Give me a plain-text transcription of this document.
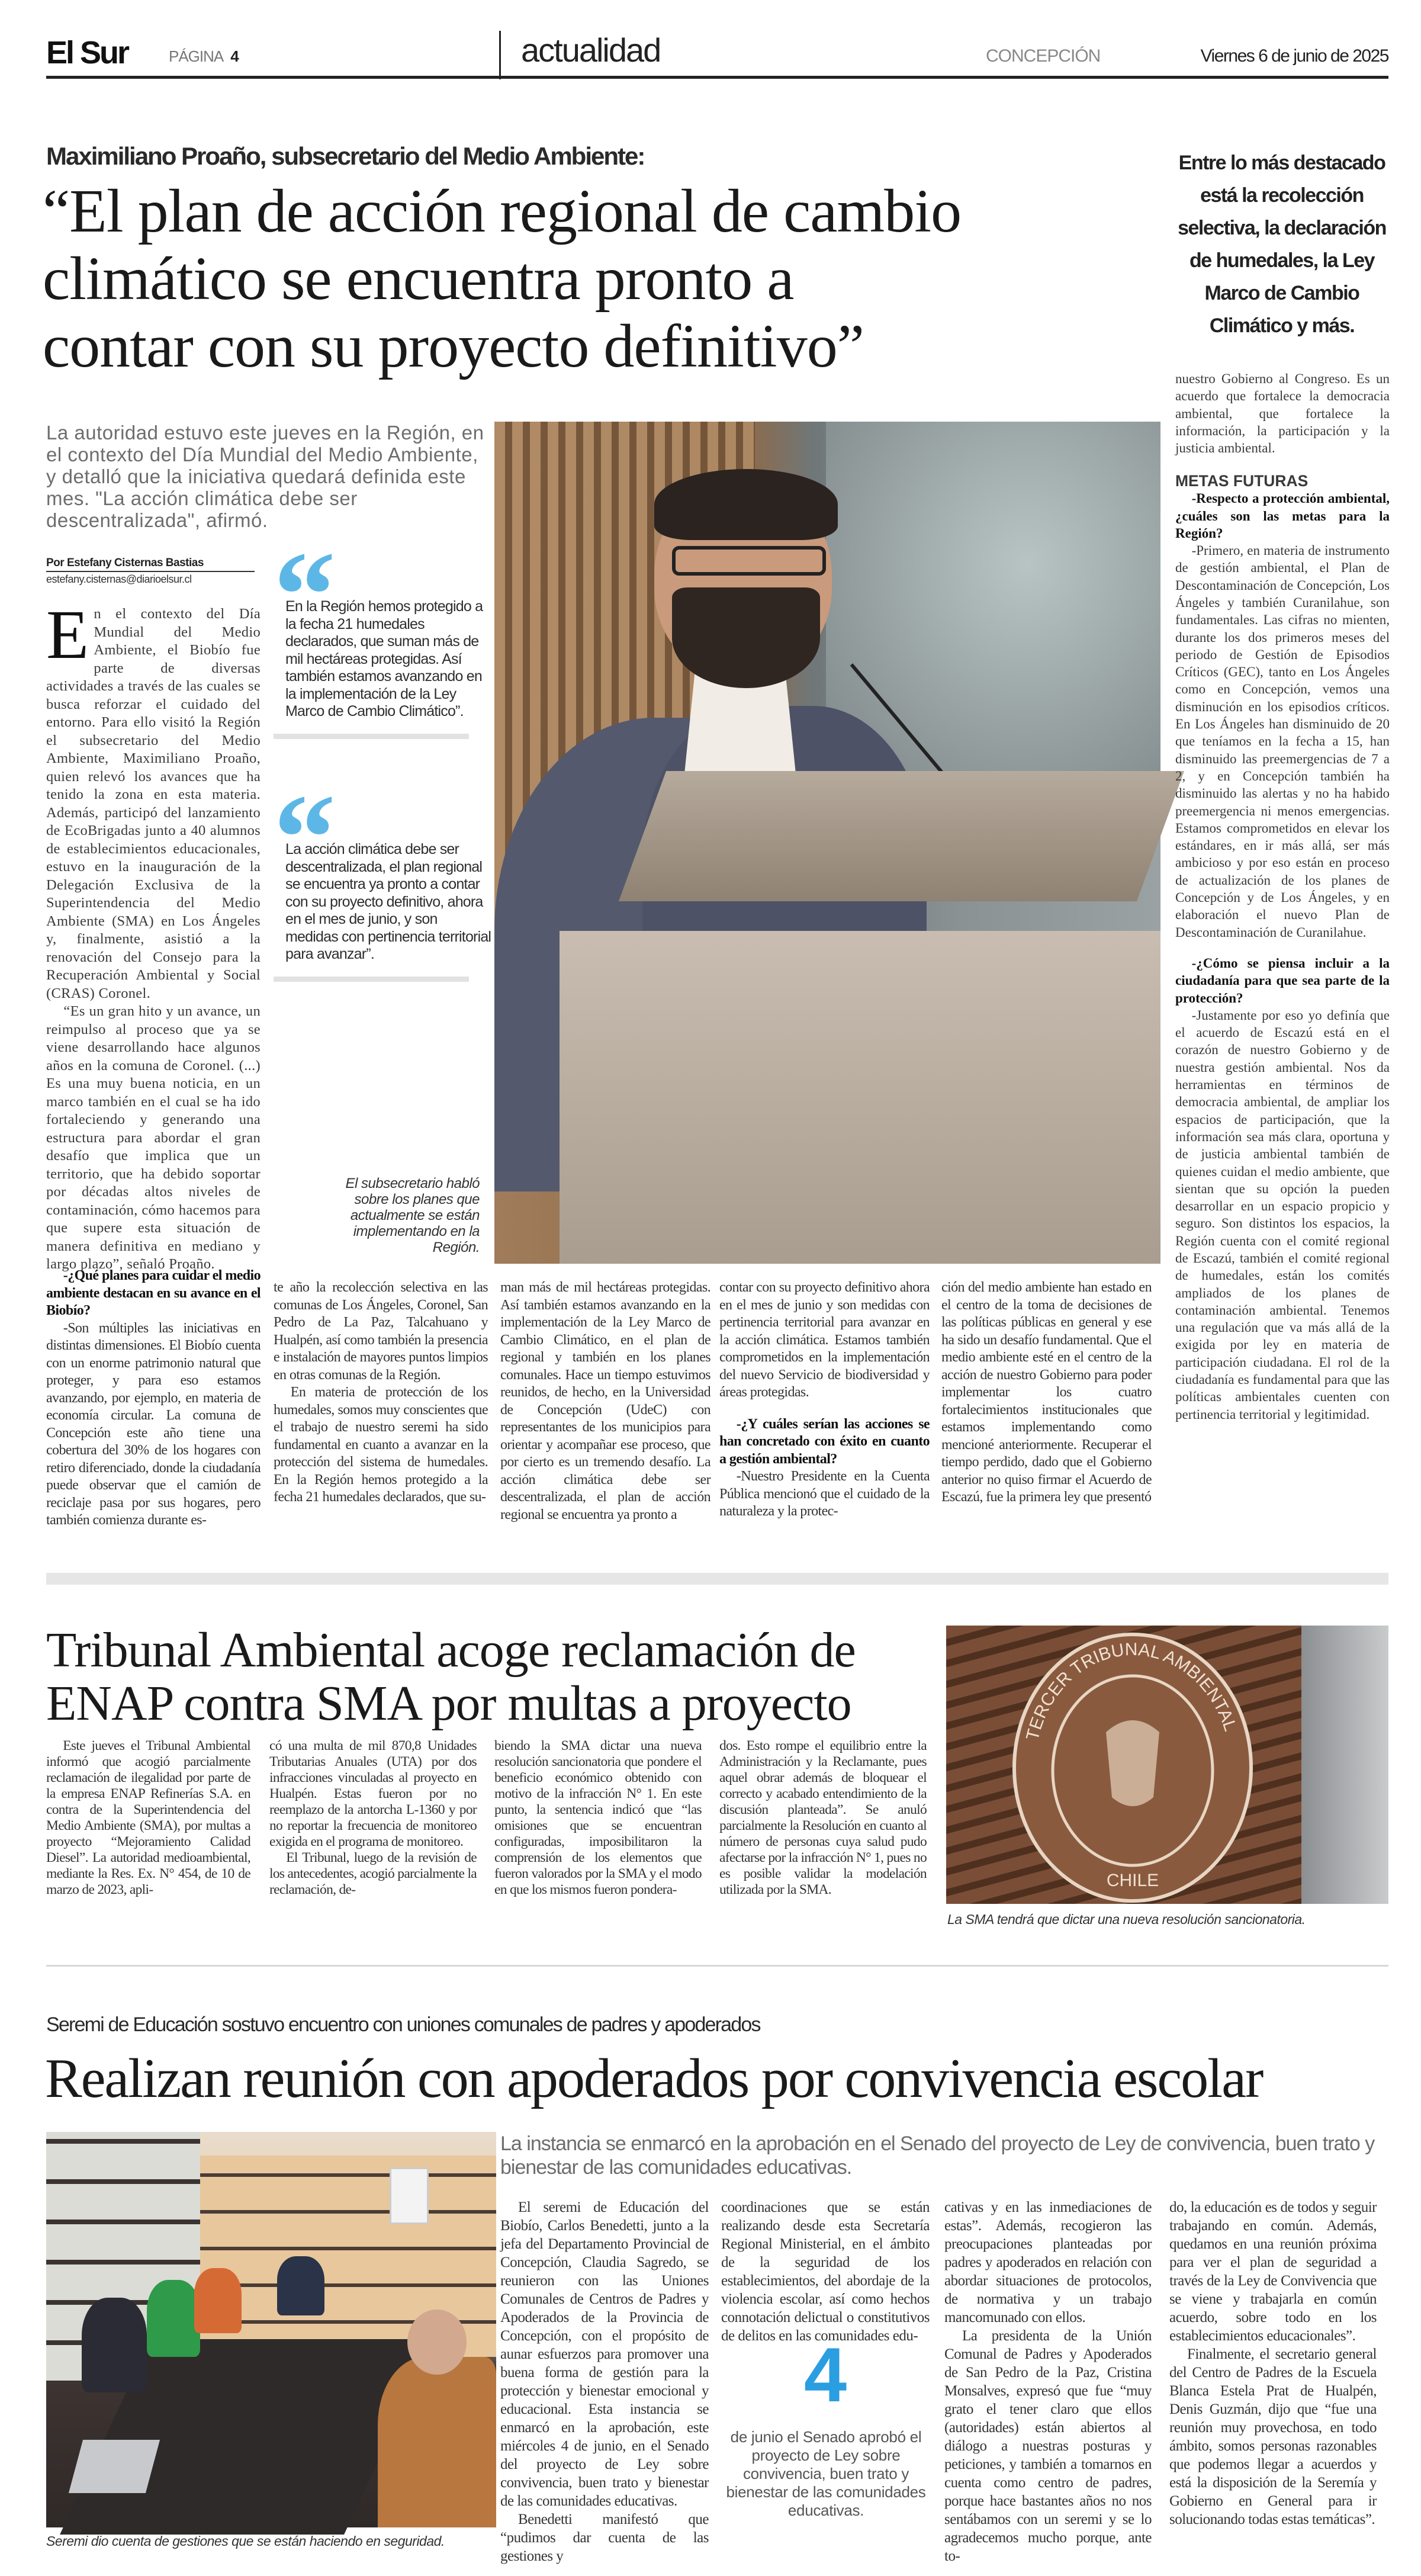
El Sur	PÁGINA 4	actualidad	CONCEPCIÓN	Viernes 6 de junio de 2025
Maximiliano Proaño, subsecretario del Medio Ambiente:
“El plan de acción regional de cambio
climático se encuentra pronto a
contar con su proyecto definitivo”
Entre lo más destacado está la recolección selectiva, la declaración de humedales, la Ley Marco de Cambio Climático y más.
La autoridad estuvo este jueves en la Región, en el contexto del Día Mundial del Medio Ambiente, y detalló que la iniciativa quedará definida este mes. "La acción climática debe ser descentralizada", afirmó.
Por Estefany Cisternas Bastias
estefany.cisternas@diarioelsur.cl
E n el contexto del Día Mundial del Medio Ambiente, el Biobío fue parte de diversas actividades a través de las cuales se busca reforzar el cuidado del entorno. Para ello visitó la Región el subsecretario del Medio Ambiente, Maximiliano Proaño, quien relevó los avances que ha tenido la zona en esta materia. Además, participó del lanzamiento de EcoBrigadas junto a 40 alumnos de establecimientos educacionales, estuvo en la inauguración de la Delegación Exclusiva de la Superintendencia del Medio Ambiente (SMA) en Los Ángeles y, finalmente, asistió a la renovación del Consejo para la Recuperación Ambiental y Social (CRAS) Coronel.

“Es un gran hito y un avance, un reimpulso al proceso que ya se viene desarrollando hace algunos años en la comuna de Coronel. (...) Es una muy buena noticia, en un marco también en el cual se ha ido fortaleciendo y generando una estructura para abordar el gran desafío que implica que un territorio, que ha debido soportar por décadas altos niveles de contaminación, cómo hacemos para que supere esta situación de manera definitiva en mediano y largo plazo”, señaló Proaño.

“
En la Región hemos protegido a la fecha 21 humedales declarados, que suman más de mil hectáreas protegidas. Así también estamos avanzando en la implementación de la Ley Marco de Cambio Climático”.
“
La acción climática debe ser descentralizada, el plan regional se encuentra ya pronto a contar con su proyecto definitivo, ahora en el mes de junio, y son medidas con pertinencia territorial para avanzar”.
El subsecretario habló sobre los planes que actualmente se están implementando en la Región.

nuestro Gobierno al Congreso. Es un acuerdo que fortalece la democracia ambiental, que fortalece la información, la participación y la justicia ambiental.

METAS FUTURAS

-Respecto a protección ambiental, ¿cuáles son las metas para la Región?

-Primero, en materia de instrumento de gestión ambiental, el Plan de Descontaminación de Concepción, Los Ángeles y también Curanilahue, son fundamentales. Las cifras no mienten, durante los dos primeros meses del periodo de Gestión de Episodios Críticos (GEC), tanto en Los Ángeles como en Concepción, vemos una disminución en los episodios críticos. En Los Ángeles han disminuido de 20 que teníamos en la fecha a 15, han disminuido las preemergencias de 7 a 2, y en Concepción también ha disminuido las alertas y no ha habido preemergencia ni menos emergencias. Estamos comprometidos en elevar los estándares, en ir más allá, ser más ambicioso y por eso están en proceso de actualización de los planes de Concepción y de Los Ángeles, y en elaboración el nuevo Plan de Descontaminación de Curanilahue.

-¿Cómo se piensa incluir a la ciudadanía para que sea parte de la protección?

-Justamente por eso yo definía que el acuerdo de Escazú está en el corazón de nuestro Gobierno y de nuestra gestión ambiental. Nos da herramientas en términos de democracia ambiental, de ampliar los espacios de participación, que la información sea más clara, oportuna y de justicia ambiental también de quienes cuidan el medio ambiente, que sientan que su opción la pueden desarrollar en un espacio propicio y seguro. Son distintos los espacios, la Región cuenta con el comité regional de Escazú, también el comité regional de humedales, están los comités ampliados de los planes de contaminación ambiental. Tenemos una regulación que va más allá de la exigida por ley en materia de participación ciudadana. El rol de la ciudadanía es fundamental para que las políticas ambientales cuenten con pertinencia territorial y legitimidad.

-¿Qué planes para cuidar el medio ambiente destacan en su avance en el Biobío?

-Son múltiples las iniciativas en distintas dimensiones. El Biobío cuenta con un enorme patrimonio natural que proteger, y para eso estamos avanzando, por ejemplo, en materia de economía circular. La comuna de Concepción este año tiene una cobertura del 30% de los hogares con retiro diferenciado, donde la ciudadanía puede observar que el camión de reciclaje pasa por sus hogares, pero también comienza durante es-

te año la recolección selectiva en las comunas de Los Ángeles, Coronel, San Pedro de La Paz, Talcahuano y Hualpén, así como también la presencia e instalación de mayores puntos limpios en otras comunas de la Región.

En materia de protección de los humedales, somos muy conscientes que el trabajo de nuestro seremi ha sido fundamental en cuanto a avanzar en la protección del sistema de humedales. En la Región hemos protegido a la fecha 21 humedales declarados, que su-

man más de mil hectáreas protegidas. Así también estamos avanzando en la implementación de la Ley Marco de Cambio Climático, en el plan de regional y también en los planes comunales. Hace un tiempo estuvimos reunidos, de hecho, en la Universidad de Concepción (UdeC) con representantes de los municipios para orientar y acompañar ese proceso, que por cierto es un tremendo desafío. La acción climática debe ser descentralizada, el plan de acción regional se encuentra ya pronto a

contar con su proyecto definitivo ahora en el mes de junio y son medidas con pertinencia territorial para avanzar en la acción climática. Estamos también comprometidos en la implementación del nuevo Servicio de biodiversidad y áreas protegidas.

-¿Y cuáles serían las acciones se han concretado con éxito en cuanto a gestión ambiental?

-Nuestro Presidente en la Cuenta Pública mencionó que el cuidado de la naturaleza y la protec-

ción del medio ambiente han estado en el centro de la toma de decisiones de las políticas públicas en general y ese ha sido un desafío fundamental. Que el medio ambiente esté en el centro de la acción de nuestro Gobierno para poder implementar los cuatro fortalecimientos institucionales que estamos implementando como mencioné anteriormente. Recuperar el tiempo perdido, dado que el Gobierno anterior no quiso firmar el Acuerdo de Escazú, fue la primera ley que presentó

Tribunal Ambiental acoge reclamación de
ENAP contra SMA por multas a proyecto

Este jueves el Tribunal Ambiental informó que acogió parcialmente reclamación de ilegalidad por parte de la empresa ENAP Refinerías S.A. en contra de la Superintendencia del Medio Ambiente (SMA), por multas a proyecto “Mejoramiento Calidad Diesel”. La autoridad medioambiental, mediante la Res. Ex. N° 454, de 10 de marzo de 2023, apli-

có una multa de mil 870,8 Unidades Tributarias Anuales (UTA) por dos infracciones vinculadas al proyecto en Hualpén. Estas fueron por no reemplazo de la antorcha L-1360 y por no reportar la frecuencia de monitoreo exigida en el programa de monitoreo.

El Tribunal, luego de la revisión de los antecedentes, acogió parcialmente la reclamación, de-

biendo la SMA dictar una nueva resolución sancionatoria que pondere el beneficio económico obtenido con motivo de la infracción N° 1. En este punto, la sentencia indicó que “las omisiones que se encuentran configuradas, imposibilitaron la comprensión de los elementos que fueron valorados por la SMA y el modo en que los mismos fueron pondera-

dos. Esto rompe el equilibrio entre la Administración y la Reclamante, pues aquel obrar además de bloquear el correcto y acabado entendimiento de la discusión planteada”. Se anuló parcialmente la Resolución en cuanto al número de personas cuya salud pudo afectarse por la infracción N° 1, pues no es posible validar la modelación utilizada por la SMA.

TERCER TRIBUNAL AMBIENTAL
CHILE
La SMA tendrá que dictar una nueva resolución sancionatoria.
Seremi de Educación sostuvo encuentro con uniones comunales de padres y apoderados
Realizan reunión con apoderados por convivencia escolar
Seremi dio cuenta de gestiones que se están haciendo en seguridad.
La instancia se enmarcó en la aprobación en el Senado del proyecto de Ley de convivencia, buen trato y bienestar de las comunidades educativas.

El seremi de Educación del Biobío, Carlos Benedetti, junto a la jefa del Departamento Provincial de Concepción, Claudia Sagredo, se reunieron con las Uniones Comunales de Centros de Padres y Apoderados de la Provincia de Concepción, con el propósito de aunar esfuerzos para promover una buena forma de gestión para la protección y bienestar emocional y educacional. Esta instancia se enmarcó en la aprobación, este miércoles 4 de junio, en el Senado del proyecto de Ley sobre convivencia, buen trato y bienestar de las comunidades educativas.

Benedetti manifestó que “pudimos dar cuenta de las gestiones y

coordinaciones que se están realizando desde esta Secretaría Regional Ministerial, en el ámbito de la seguridad de los establecimientos, del abordaje de la violencia escolar, así como hechos connotación delictual o constitutivos de delitos en las comunidades edu-

4
de junio el Senado aprobó el proyecto de Ley sobre convivencia, buen trato y bienestar de las comunidades educativas.

cativas y en las inmediaciones de estas”. Además, recogieron las preocupaciones planteadas por padres y apoderados en relación con abordar situaciones de protocolos, de normativa y un trabajo mancomunado con ellos.

La presidenta de la Unión Comunal de Padres y Apoderados de San Pedro de la Paz, Cristina Monsalves, expresó que fue “muy grato el tener claro que ellos (autoridades) están abiertos al diálogo a nuestras posturas y peticiones, y también a tomarnos en cuenta como centro de padres, porque hace bastantes años no nos sentábamos con un seremi y se lo agradecemos mucho porque, ante to-

do, la educación es de todos y seguir trabajando en común. Además, quedamos en una reunión próxima para ver el plan de seguridad a través de la Ley de Convivencia que se viene y trabajarla en común acuerdo, sobre todo en los establecimientos educacionales”.

Finalmente, el secretario general del Centro de Padres de la Escuela Blanca Estela Prat de Hualpén, Denis Guzmán, dijo que “fue una reunión muy provechosa, en todo ámbito, somos personas razonables que podemos llegar a acuerdos y está la disposición de la Seremía y Gobierno en General para ir solucionando todas estas temáticas”.
